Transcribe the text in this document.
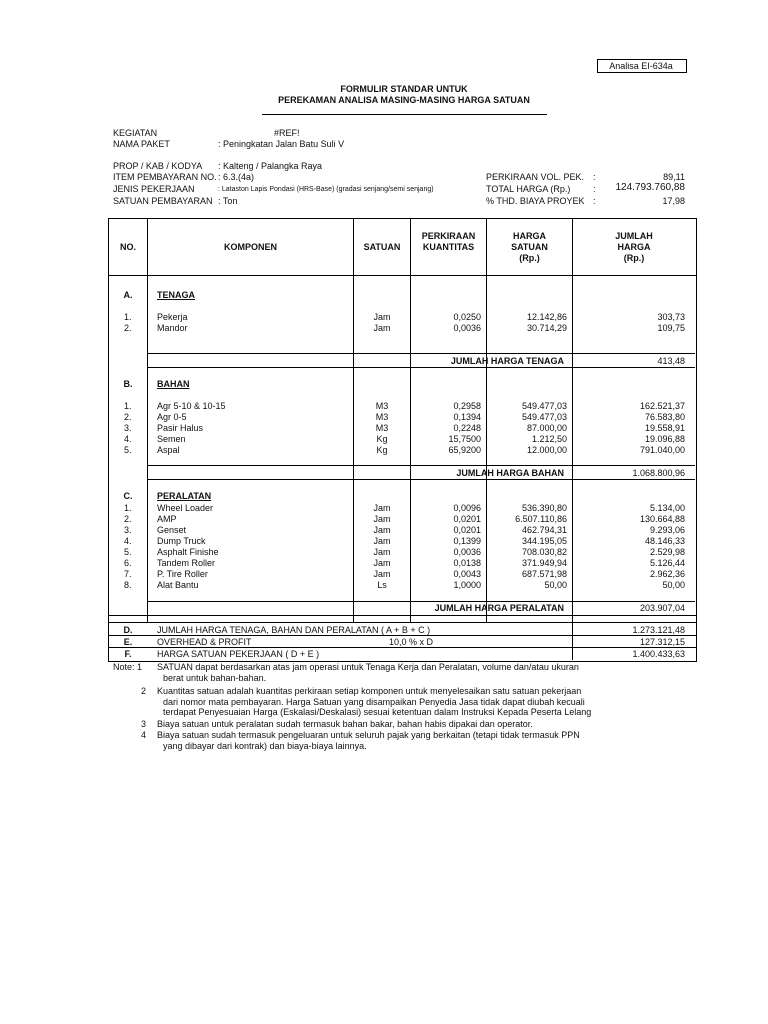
Analisa EI-634a
FORMULIR STANDAR UNTUK
PEREKAMAN ANALISA MASING-MASING HARGA SATUAN
KEGIATAN	#REF!
NAMA PAKET	: Peningkatan Jalan Batu Suli V
PROP / KAB / KODYA : Kalteng / Palangka Raya
ITEM PEMBAYARAN NO. : 6.3.(4a)
JENIS PEKERJAAN	: Lataston Lapis Pondasi (HRS-Base) (gradasi senjang/semi senjang)
SATUAN PEMBAYARAN : Ton
PERKIRAAN VOL. PEK. :	89,11
TOTAL HARGA (Rp.)	:	124.793.760,88
% THD. BIAYA PROYEK :	17,98
NO.	KOMPONEN	SATUAN
PERKIRAAN
KUANTITAS
HARGA
SATUAN
(Rp.)
JUMLAH
HARGA
(Rp.)
A.	TENAGA
1.	Pekerja	Jam	0,0250	12.142,86	303,73
2.	Mandor	Jam	0,0036	30.714,29	109,75
JUMLAH HARGA TENAGA	413,48
B.	BAHAN
1.	Agr 5-10 & 10-15	M3	0,2958	549.477,03	162.521,37
2.	Agr 0-5	M3	0,1394	549.477,03	76.583,80
3.	Pasir Halus	M3	0,2248	87.000,00	19.558,91
4.	Semen	Kg	15,7500	1.212,50	19.096,88
5.	Aspal	Kg	65,9200	12.000,00	791.040,00
JUMLAH HARGA BAHAN	1.068.800,96
C.	PERALATAN
1.	Wheel Loader	Jam	0,0096	536.390,80	5.134,00
2.	AMP	Jam	0,0201	6.507.110,86	130.664,88
3.	Genset	Jam	0,0201	462.794,31	9.293,06
4.	Dump Truck	Jam	0,1399	344.195,05	48.146,33
5.	Asphalt Finishe	Jam	0,0036	708.030,82	2.529,98
6.	Tandem Roller	Jam	0,0138	371.949,94	5.126,44
7.	P. Tire Roller	Jam	0,0043	687.571,98	2.962,36
8.	Alat Bantu	Ls	1,0000	50,00	50,00
JUMLAH HARGA PERALATAN	203.907,04
D.	JUMLAH HARGA TENAGA, BAHAN DAN PERALATAN ( A + B + C )	1.273.121,48
E.	OVERHEAD & PROFIT	10,0 % x D	127.312,15
F.	HARGA SATUAN PEKERJAAN ( D + E )	1.400.433,63
Note: 1 SATUAN dapat berdasarkan atas jam operasi untuk Tenaga Kerja dan Peralatan, volume dan/atau ukuran
berat untuk bahan-bahan.
2 Kuantitas satuan adalah kuantitas perkiraan setiap komponen untuk menyelesaikan satu satuan pekerjaan
dari nomor mata pembayaran. Harga Satuan yang disampaikan Penyedia Jasa tidak dapat diubah kecuali
terdapat Penyesuaian Harga (Eskalasi/Deskalasi) sesuai ketentuan dalam Instruksi Kepada Peserta Lelang
3 Biaya satuan untuk peralatan sudah termasuk bahan bakar, bahan habis dipakai dan operator.
4 Biaya satuan sudah termasuk pengeluaran untuk seluruh pajak yang berkaitan (tetapi tidak termasuk PPN
yang dibayar dari kontrak) dan biaya-biaya lainnya.
